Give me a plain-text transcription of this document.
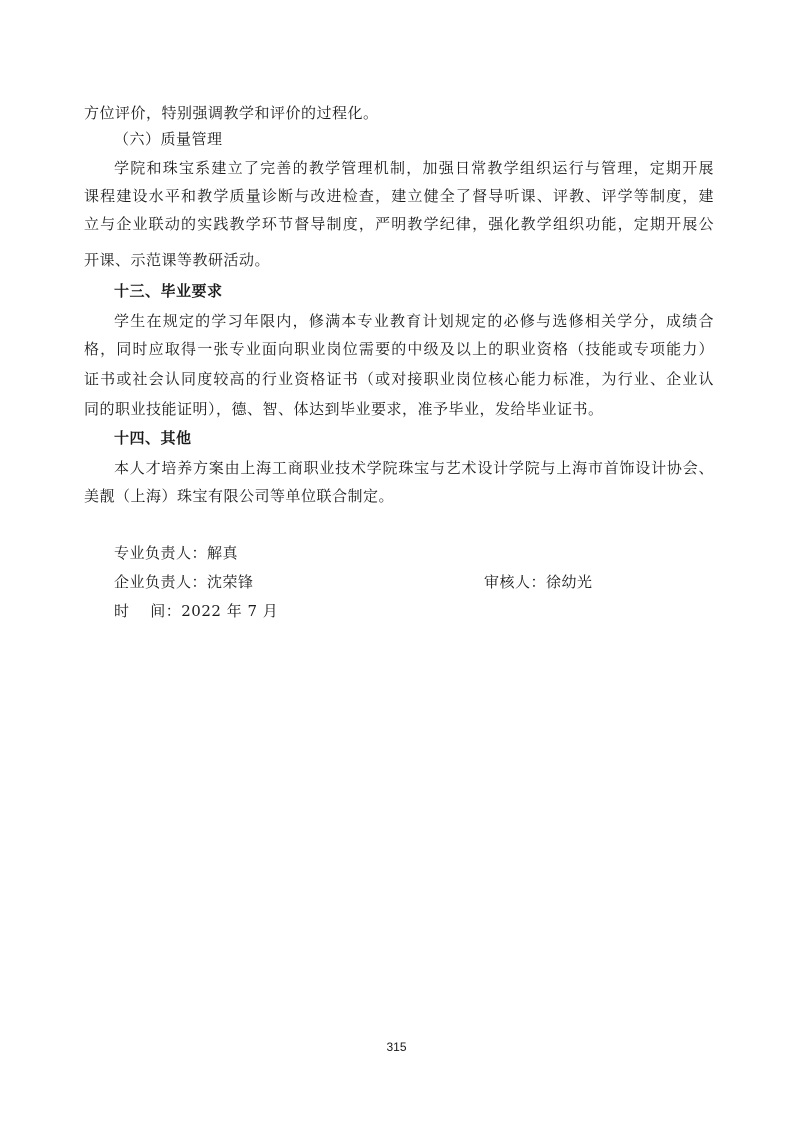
方位评价，特别强调教学和评价的过程化。
（六）质量管理
学院和珠宝系建立了完善的教学管理机制，加强日常教学组织运行与管理，定期开展
课程建设水平和教学质量诊断与改进检查，建立健全了督导听课、评教、评学等制度，建
立与企业联动的实践教学环节督导制度，严明教学纪律，强化教学组织功能，定期开展公
开课、示范课等教研活动。
十三、毕业要求
学生在规定的学习年限内，修满本专业教育计划规定的必修与选修相关学分，成绩合
格，同时应取得一张专业面向职业岗位需要的中级及以上的职业资格（技能或专项能力）
证书或社会认同度较高的行业资格证书（或对接职业岗位核心能力标准，为行业、企业认
同的职业技能证明），德、智、体达到毕业要求，准予毕业，发给毕业证书。
十四、其他
本人才培养方案由上海工商职业技术学院珠宝与艺术设计学院与上海市首饰设计协会、
美靓（上海）珠宝有限公司等单位联合制定。
专业负责人：解真
企业负责人：沈荣锋	审核人：徐幼光
时　 间：2022 年 7 月
315
